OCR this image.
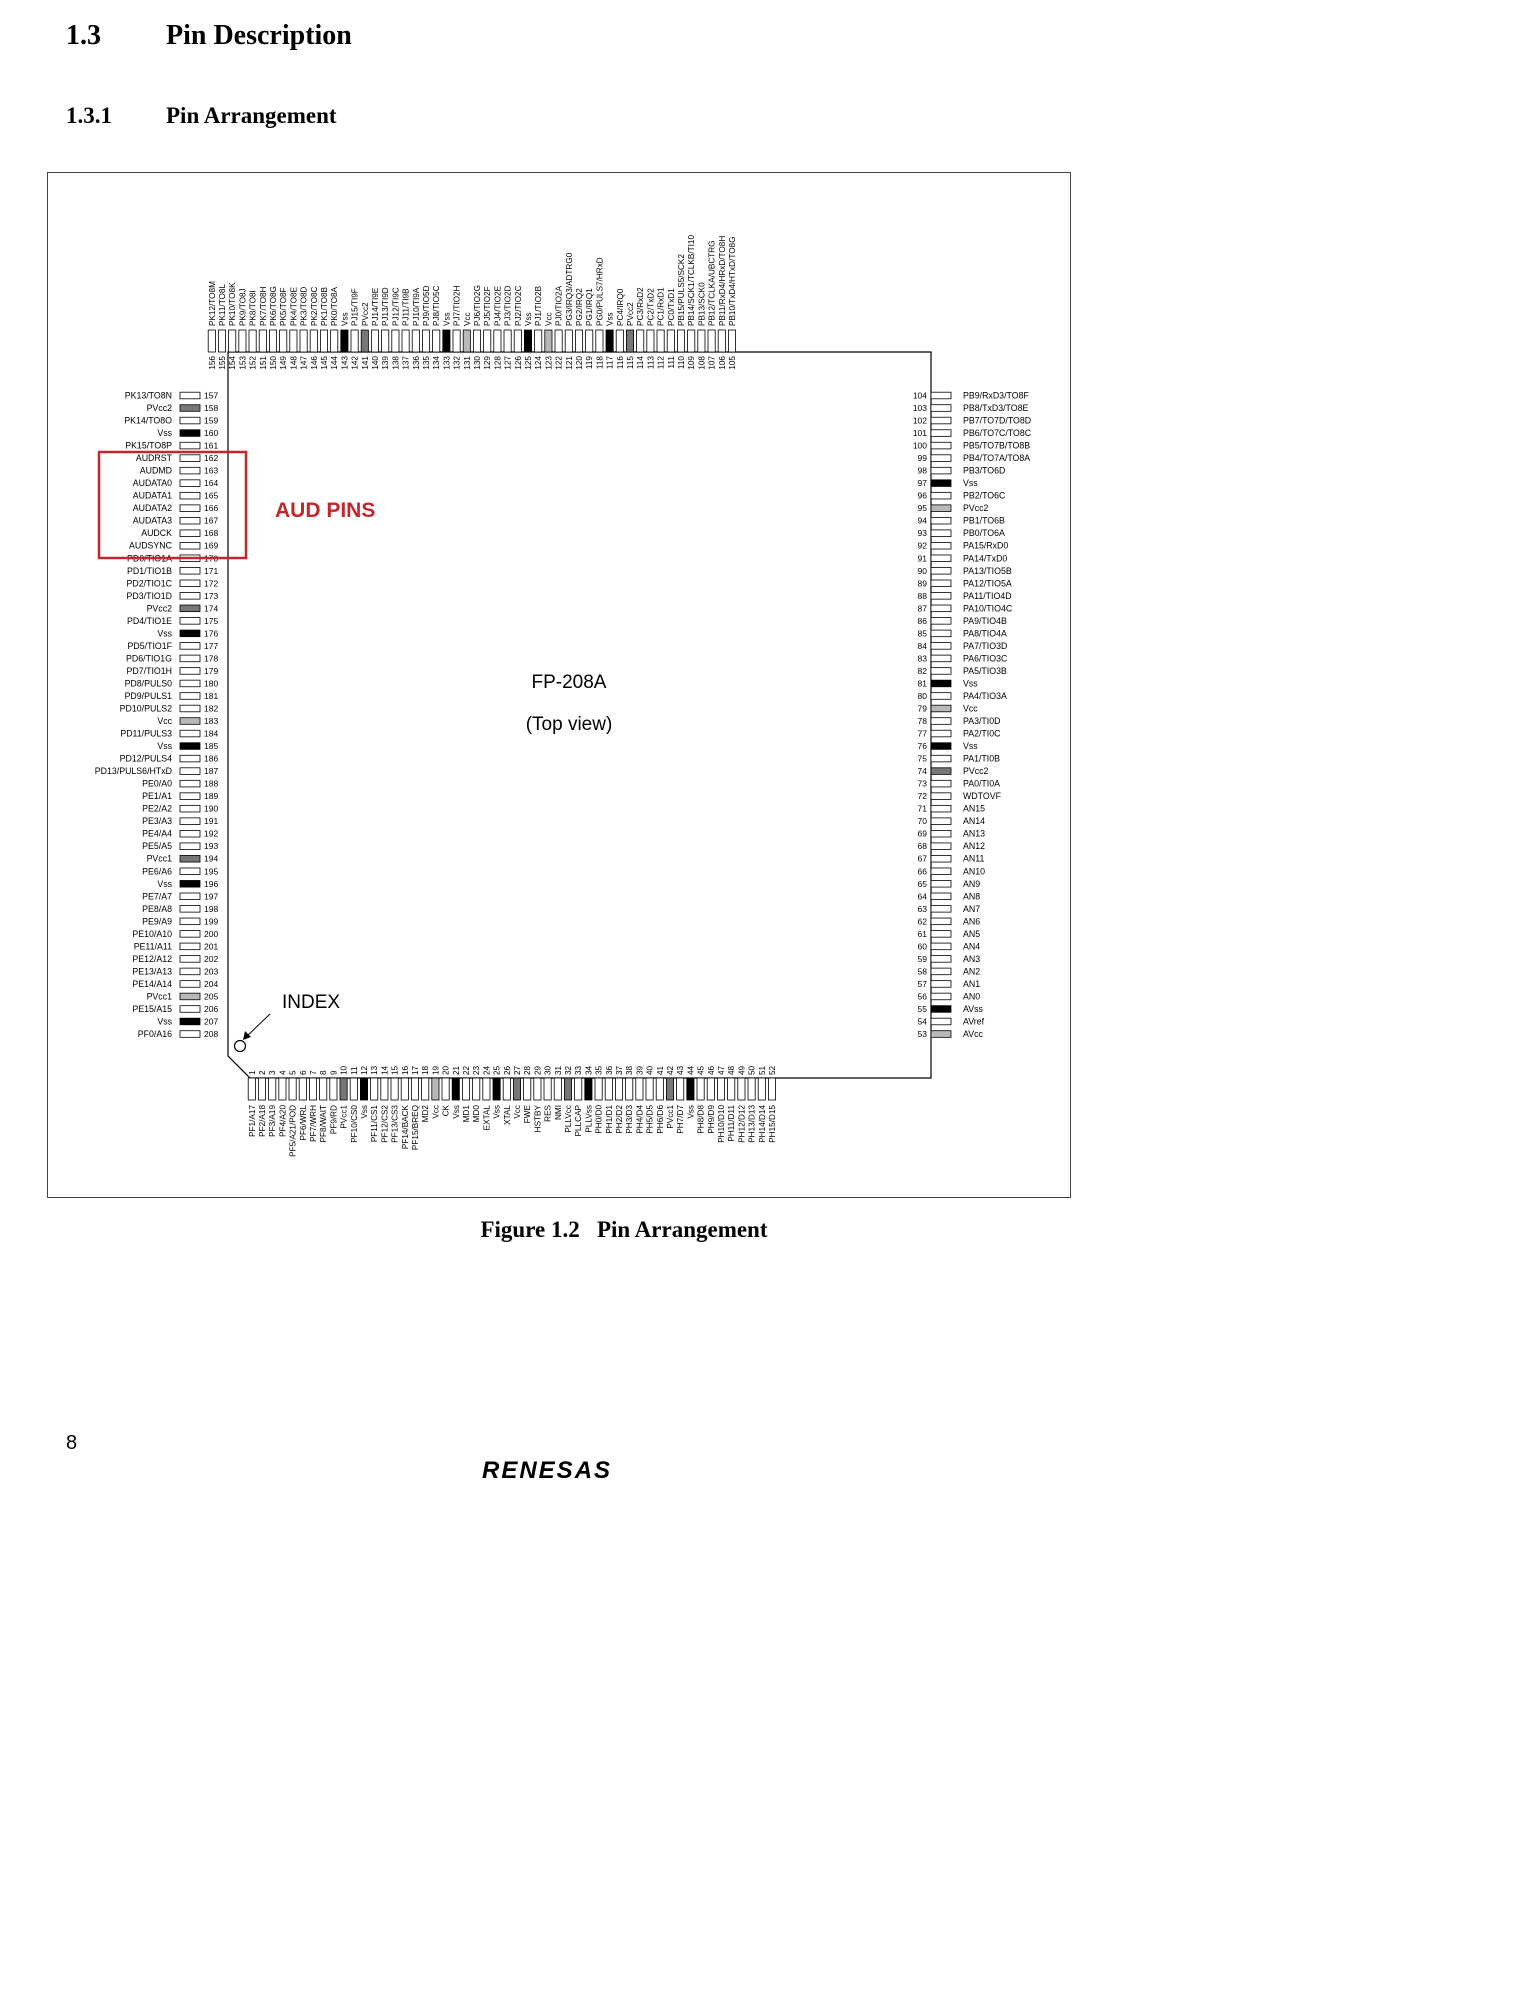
1.3 Pin Description
1.3.1 Pin Arrangement
156
PK12/TO8M
155
PK11/TO8L
154
PK10/TO8K
153
PK9/TO8J
152
PK8/TO8I
151
PK7/TO8H
150
PK6/TO8G
149
PK5/TO8F
148
PK4/TO8E
147
PK3/TO8D
146
PK2/TO8C
145
PK1/TO8B
144
PK0/TO8A
143
Vss
142
PJ15/TI9F
141
PVcc2
140
PJ14/TI9E
139
PJ13/TI9D
138
PJ12/TI9C
137
PJ11/TI9B
136
PJ10/TI9A
135
PJ9/TIO5D
134
PJ8/TIO5C
133
Vss
132
PJ7/TIO2H
131
Vcc
130
PJ6/TIO2G
129
PJ5/TIO2F
128
PJ4/TIO2E
127
PJ3/TIO2D
126
PJ2/TIO2C
125
Vss
124
PJ1/TIO2B
123
Vcc
122
PJ0/TIO2A
121
PG3/IRQ3/ADTRG0
120
PG2/IRQ2
119
PG1/IRQ1
118
PG0/PULS7/HRxD
117
Vss
116
PC4/IRQ0
115
PVcc2
114
PC3/RxD2
113
PC2/TxD2
112
PC1/RxD1
111
PC0/TxD1
110
PB15/PULS5/SCK2
109
PB14/SCK1/TCLKB/TI10
108
PB13/SCK0
107
PB12/TCLKA/UBCTRG
106
PB11/RxD4/HRxD/TO8H
105
PB10/TxD4/HTxD/TO8G
157
PK13/TO8N
158
PVcc2
159
PK14/TO8O
160
Vss
161
PK15/TO8P
162
AUDRST
163
AUDMD
164
AUDATA0
165
AUDATA1
166
AUDATA2
167
AUDATA3
168
AUDCK
169
AUDSYNC
170
PD0/TIO1A
171
PD1/TIO1B
172
PD2/TIO1C
173
PD3/TIO1D
174
PVcc2
175
PD4/TIO1E
176
Vss
177
PD5/TIO1F
178
PD6/TIO1G
179
PD7/TIO1H
180
PD8/PULS0
181
PD9/PULS1
182
PD10/PULS2
183
Vcc
184
PD11/PULS3
185
Vss
186
PD12/PULS4
187
PD13/PULS6/HTxD
188
PE0/A0
189
PE1/A1
190
PE2/A2
191
PE3/A3
192
PE4/A4
193
PE5/A5
194
PVcc1
195
PE6/A6
196
Vss
197
PE7/A7
198
PE8/A8
199
PE9/A9
200
PE10/A10
201
PE11/A11
202
PE12/A12
203
PE13/A13
204
PE14/A14
205
PVcc1
206
PE15/A15
207
Vss
208
PF0/A16
104	PB9/RxD3/TO8F
103	PB8/TxD3/TO8E
102	PB7/TO7D/TO8D
101	PB6/TO7C/TO8C
100	PB5/TO7B/TO8B
99	PB4/TO7A/TO8A
98	PB3/TO6D
97	Vss
96	PB2/TO6C
95	PVcc2
94	PB1/TO6B
93	PB0/TO6A
92	PA15/RxD0
91	PA14/TxD0
90	PA13/TIO5B
89	PA12/TIO5A
88	PA11/TIO4D
87	PA10/TIO4C
86	PA9/TIO4B
85	PA8/TIO4A
84	PA7/TIO3D
83	PA6/TIO3C
82	PA5/TIO3B
81	Vss
80	PA4/TIO3A
79	Vcc
78	PA3/TI0D
77	PA2/TI0C
76	Vss
75	PA1/TI0B
74	PVcc2
73	PA0/TI0A
72	WDTOVF
71	AN15
70	AN14
69	AN13
68	AN12
67	AN11
66	AN10
65	AN9
64	AN8
63	AN7
62	AN6
61	AN5
60	AN4
59	AN3
58	AN2
57	AN1
56	AN0
55	AVss
54	AVref
53	AVcc
1
PF1/A17
2
PF2/A18
3
PF3/A19
4
PF4/A20
5
PF5/A21/POD
6
PF6/WRL
7
PF7/WRH
8
PF8/WAIT
9
PF9/RD
10
PVcc1
11
PF10/CS0
12
Vss
13
PF11/CS1
14
PF12/CS2
15
PF13/CS3
16
PF14/BACK
17
PF15/BREQ
18
MD2
19
Vcc
20
CK
21
Vss
22
MD1
23
MD0
24
EXTAL
25
Vss
26
XTAL
27
Vcc
28
FWE
29
HSTBY
30
RES
31
NMI
32
PLLVcc
33
PLLCAP
34
PLLVss
35
PH0/D0
36
PH1/D1
37
PH2/D2
38
PH3/D3
39
PH4/D4
40
PH5/D5
41
PH6/D6
42
PVcc1
43
PH7/D7
44
Vss
45
PH8/D8
46
PH9/D9
47
PH10/D10
48
PH11/D11
49
PH12/D12
50
PH13/D13
51
PH14/D14
52
PH15/D15
FP-208A
(Top view)
INDEX
AUD PINS
Figure 1.2 Pin Arrangement
8
RENESAS
